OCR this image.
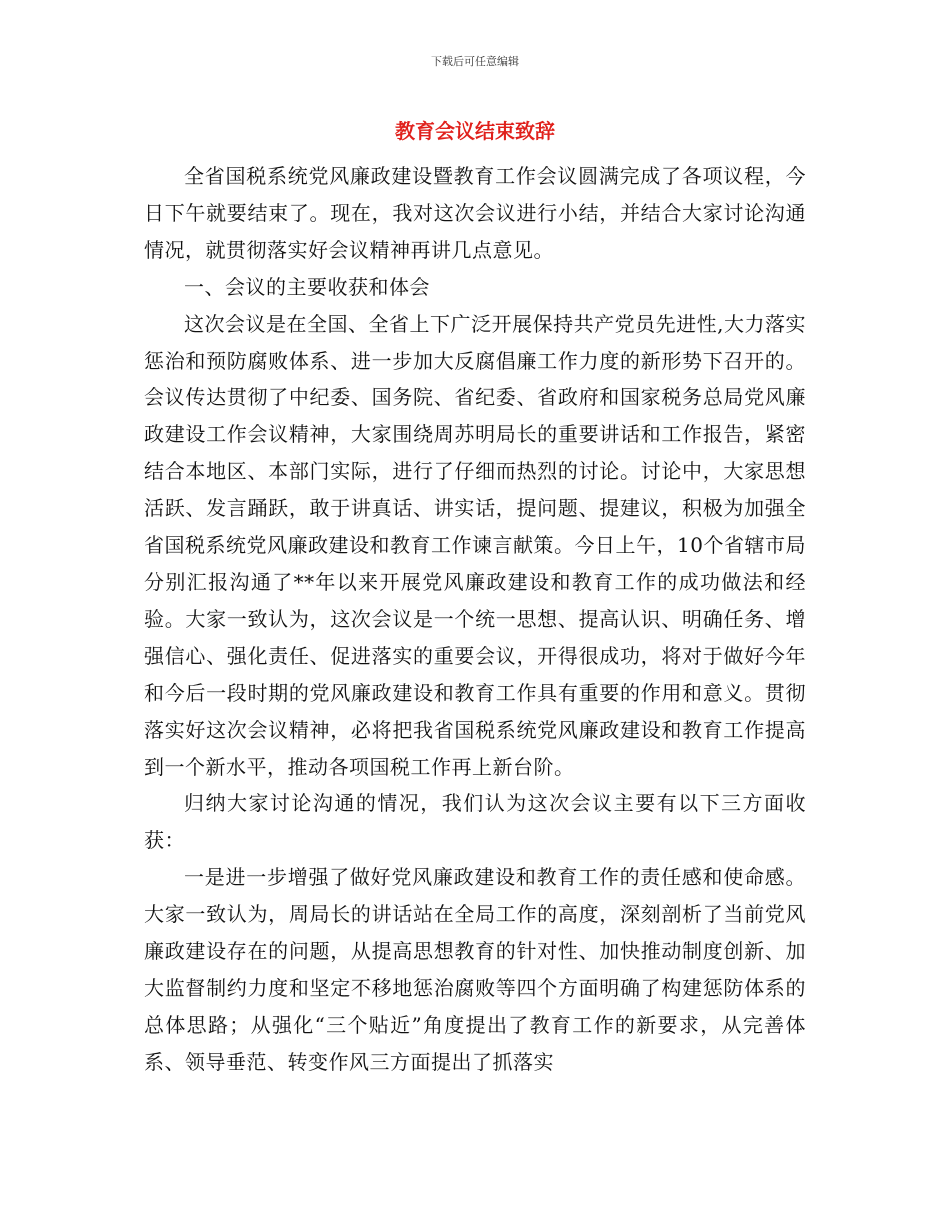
下载后可任意编辑
教育会议结束致辞

全省国税系统党风廉政建设暨教育工作会议圆满完成了各项议程，今日下午就要结束了。现在，我对这次会议进行小结，并结合大家讨论沟通情况，就贯彻落实好会议精神再讲几点意见。

一、会议的主要收获和体会

这次会议是在全国、全省上下广泛开展保持共产党员先进性,大力落实惩治和预防腐败体系、进一步加大反腐倡廉工作力度的新形势下召开的。会议传达贯彻了中纪委、国务院、省纪委、省政府和国家税务总局党风廉政建设工作会议精神，大家围绕周苏明局长的重要讲话和工作报告，紧密结合本地区、本部门实际，进行了仔细而热烈的讨论。讨论中，大家思想活跃、发言踊跃，敢于讲真话、讲实话，提问题、提建议，积极为加强全省国税系统党风廉政建设和教育工作谏言献策。今日上午，10个省辖市局分别汇报沟通了**年以来开展党风廉政建设和教育工作的成功做法和经验。大家一致认为，这次会议是一个统一思想、提高认识、明确任务、增强信心、强化责任、促进落实的重要会议，开得很成功，将对于做好今年和今后一段时期的党风廉政建设和教育工作具有重要的作用和意义。贯彻落实好这次会议精神，必将把我省国税系统党风廉政建设和教育工作提高到一个新水平，推动各项国税工作再上新台阶。

归纳大家讨论沟通的情况，我们认为这次会议主要有以下三方面收获：

一是进一步增强了做好党风廉政建设和教育工作的责任感和使命感。大家一致认为，周局长的讲话站在全局工作的高度，深刻剖析了当前党风廉政建设存在的问题，从提高思想教育的针对性、加快推动制度创新、加大监督制约力度和坚定不移地惩治腐败等四个方面明确了构建惩防体系的总体思路；从强化“三个贴近”角度提出了教育工作的新要求，从完善体系、领导垂范、转变作风三方面提出了抓落实
